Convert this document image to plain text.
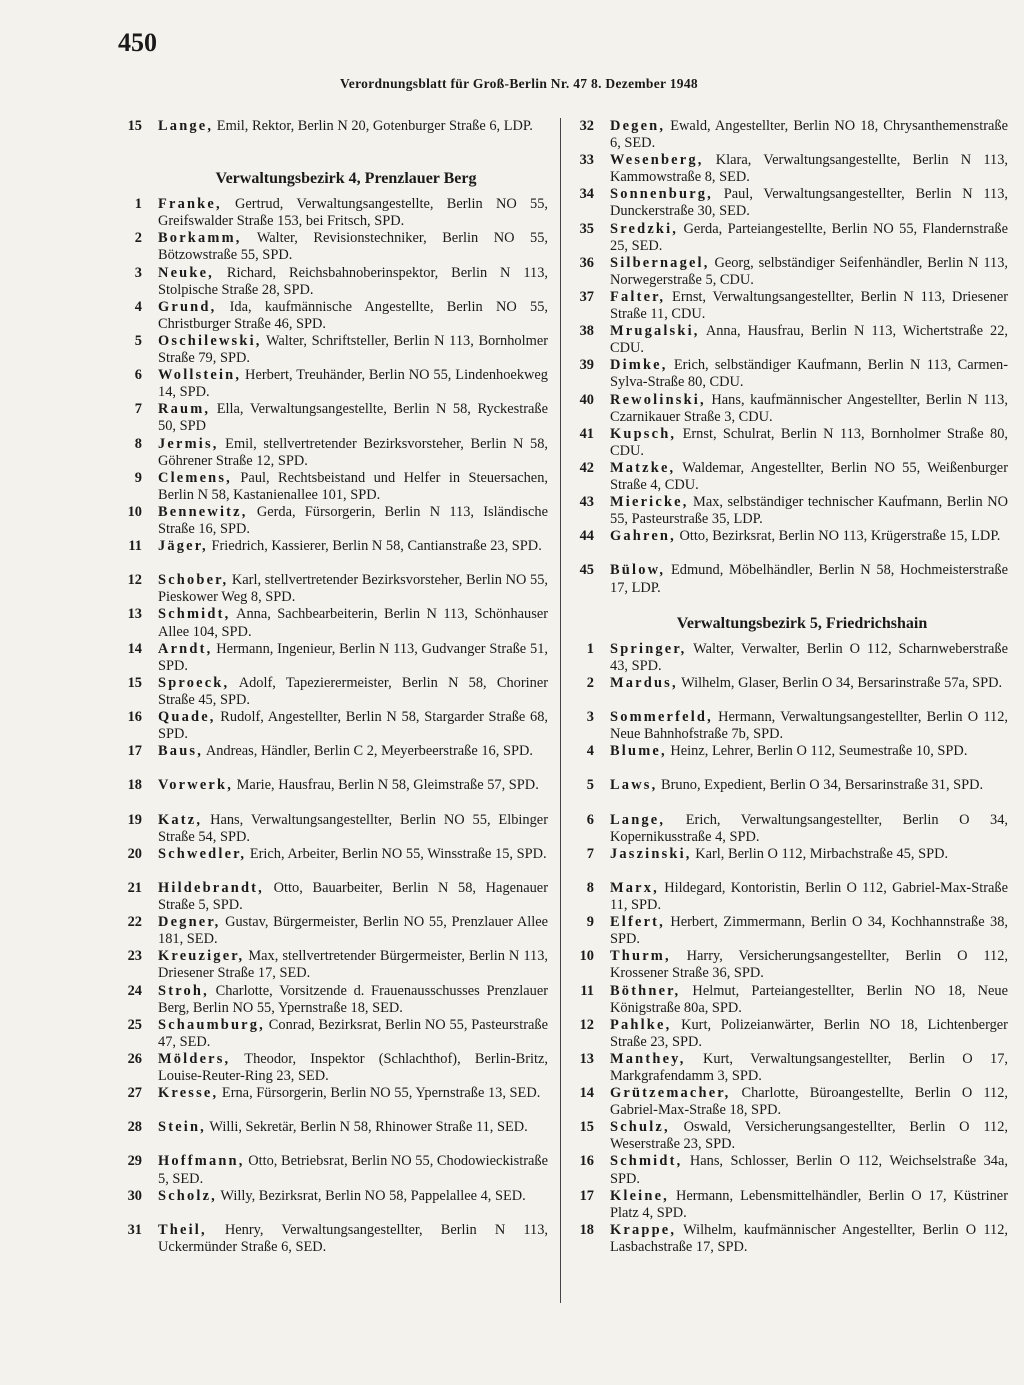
450
Verordnungsblatt für Groß-Berlin Nr. 47 8. Dezember 1948
15 Lange, Emil, Rektor, Berlin N 20, Gotenburger Straße 6, LDP.
Verwaltungsbezirk 4, Prenzlauer Berg
1 Franke, Gertrud, Verwaltungsangestellte, Berlin NO 55, Greifswalder Straße 153, bei Fritsch, SPD.
2 Borkamm, Walter, Revisionstechniker, Berlin NO 55, Bötzowstraße 55, SPD.
3 Neuke, Richard, Reichsbahnoberinspektor, Berlin N 113, Stolpische Straße 28, SPD.
4 Grund, Ida, kaufmännische Angestellte, Berlin NO 55, Christburger Straße 46, SPD.
5 Oschilewski, Walter, Schriftsteller, Berlin N 113, Bornholmer Straße 79, SPD.
6 Wollstein, Herbert, Treuhänder, Berlin NO 55, Lindenhoekweg 14, SPD.
7 Raum, Ella, Verwaltungsangestellte, Berlin N 58, Ryckestraße 50, SPD
8 Jermis, Emil, stellvertretender Bezirksvorsteher, Berlin N 58, Göhrener Straße 12, SPD.
9 Clemens, Paul, Rechtsbeistand und Helfer in Steuersachen, Berlin N 58, Kastanienallee 101, SPD.
10 Bennewitz, Gerda, Fürsorgerin, Berlin N 113, Isländische Straße 16, SPD.
11 Jäger, Friedrich, Kassierer, Berlin N 58, Cantianstraße 23, SPD.
12 Schober, Karl, stellvertretender Bezirksvorsteher, Berlin NO 55, Pieskower Weg 8, SPD.
13 Schmidt, Anna, Sachbearbeiterin, Berlin N 113, Schönhauser Allee 104, SPD.
14 Arndt, Hermann, Ingenieur, Berlin N 113, Gudvanger Straße 51, SPD.
15 Sproeck, Adolf, Tapezierermeister, Berlin N 58, Choriner Straße 45, SPD.
16 Quade, Rudolf, Angestellter, Berlin N 58, Stargarder Straße 68, SPD.
17 Baus, Andreas, Händler, Berlin C 2, Meyerbeerstraße 16, SPD.
18 Vorwerk, Marie, Hausfrau, Berlin N 58, Gleimstraße 57, SPD.
19 Katz, Hans, Verwaltungsangestellter, Berlin NO 55, Elbinger Straße 54, SPD.
20 Schwedler, Erich, Arbeiter, Berlin NO 55, Winsstraße 15, SPD.
21 Hildebrandt, Otto, Bauarbeiter, Berlin N 58, Hagenauer Straße 5, SPD.
22 Degner, Gustav, Bürgermeister, Berlin NO 55, Prenzlauer Allee 181, SED.
23 Kreuziger, Max, stellvertretender Bürgermeister, Berlin N 113, Driesener Straße 17, SED.
24 Stroh, Charlotte, Vorsitzende d. Frauenausschusses Prenzlauer Berg, Berlin NO 55, Ypernstraße 18, SED.
25 Schaumburg, Conrad, Bezirksrat, Berlin NO 55, Pasteurstraße 47, SED.
26 Mölders, Theodor, Inspektor (Schlachthof), Berlin-Britz, Louise-Reuter-Ring 23, SED.
27 Kresse, Erna, Fürsorgerin, Berlin NO 55, Ypernstraße 13, SED.
28 Stein, Willi, Sekretär, Berlin N 58, Rhinower Straße 11, SED.
29 Hoffmann, Otto, Betriebsrat, Berlin NO 55, Chodowieckistraße 5, SED.
30 Scholz, Willy, Bezirksrat, Berlin NO 58, Pappelallee 4, SED.
31 Theil, Henry, Verwaltungsangestellter, Berlin N 113, Uckermünder Straße 6, SED.
32 Degen, Ewald, Angestellter, Berlin NO 18, Chrysanthemenstraße 6, SED.
33 Wesenberg, Klara, Verwaltungsangestellte, Berlin N 113, Kammowstraße 8, SED.
34 Sonnenburg, Paul, Verwaltungsangestellter, Berlin N 113, Dunckerstraße 30, SED.
35 Sredzki, Gerda, Parteiangestellte, Berlin NO 55, Flandernstraße 25, SED.
36 Silbernagel, Georg, selbständiger Seifenhändler, Berlin N 113, Norwegerstraße 5, CDU.
37 Falter, Ernst, Verwaltungsangestellter, Berlin N 113, Driesener Straße 11, CDU.
38 Mrugalski, Anna, Hausfrau, Berlin N 113, Wichertstraße 22, CDU.
39 Dimke, Erich, selbständiger Kaufmann, Berlin N 113, Carmen-Sylva-Straße 80, CDU.
40 Rewolinski, Hans, kaufmännischer Angestellter, Berlin N 113, Czarnikauer Straße 3, CDU.
41 Kupsch, Ernst, Schulrat, Berlin N 113, Bornholmer Straße 80, CDU.
42 Matzke, Waldemar, Angestellter, Berlin NO 55, Weißenburger Straße 4, CDU.
43 Miericke, Max, selbständiger technischer Kaufmann, Berlin NO 55, Pasteurstraße 35, LDP.
44 Gahren, Otto, Bezirksrat, Berlin NO 113, Krügerstraße 15, LDP.
45 Bülow, Edmund, Möbelhändler, Berlin N 58, Hochmeisterstraße 17, LDP.
Verwaltungsbezirk 5, Friedrichshain
1 Springer, Walter, Verwalter, Berlin O 112, Scharnweberstraße 43, SPD.
2 Mardus, Wilhelm, Glaser, Berlin O 34, Bersarinstraße 57a, SPD.
3 Sommerfeld, Hermann, Verwaltungsangestellter, Berlin O 112, Neue Bahnhofstraße 7b, SPD.
4 Blume, Heinz, Lehrer, Berlin O 112, Seumestraße 10, SPD.
5 Laws, Bruno, Expedient, Berlin O 34, Bersarinstraße 31, SPD.
6 Lange, Erich, Verwaltungsangestellter, Berlin O 34, Kopernikusstraße 4, SPD.
7 Jaszinski, Karl, Berlin O 112, Mirbachstraße 45, SPD.
8 Marx, Hildegard, Kontoristin, Berlin O 112, Gabriel-Max-Straße 11, SPD.
9 Elfert, Herbert, Zimmermann, Berlin O 34, Kochhannstraße 38, SPD.
10 Thurm, Harry, Versicherungsangestellter, Berlin O 112, Krossener Straße 36, SPD.
11 Böthner, Helmut, Parteiangestellter, Berlin NO 18, Neue Königstraße 80a, SPD.
12 Pahlke, Kurt, Polizeianwärter, Berlin NO 18, Lichtenberger Straße 23, SPD.
13 Manthey, Kurt, Verwaltungsangestellter, Berlin O 17, Markgrafendamm 3, SPD.
14 Grützemacher, Charlotte, Büroangestellte, Berlin O 112, Gabriel-Max-Straße 18, SPD.
15 Schulz, Oswald, Versicherungsangestellter, Berlin O 112, Weserstraße 23, SPD.
16 Schmidt, Hans, Schlosser, Berlin O 112, Weichselstraße 34a, SPD.
17 Kleine, Hermann, Lebensmittelhändler, Berlin O 17, Küstriner Platz 4, SPD.
18 Krappe, Wilhelm, kaufmännischer Angestellter, Berlin O 112, Lasbachstraße 17, SPD.
